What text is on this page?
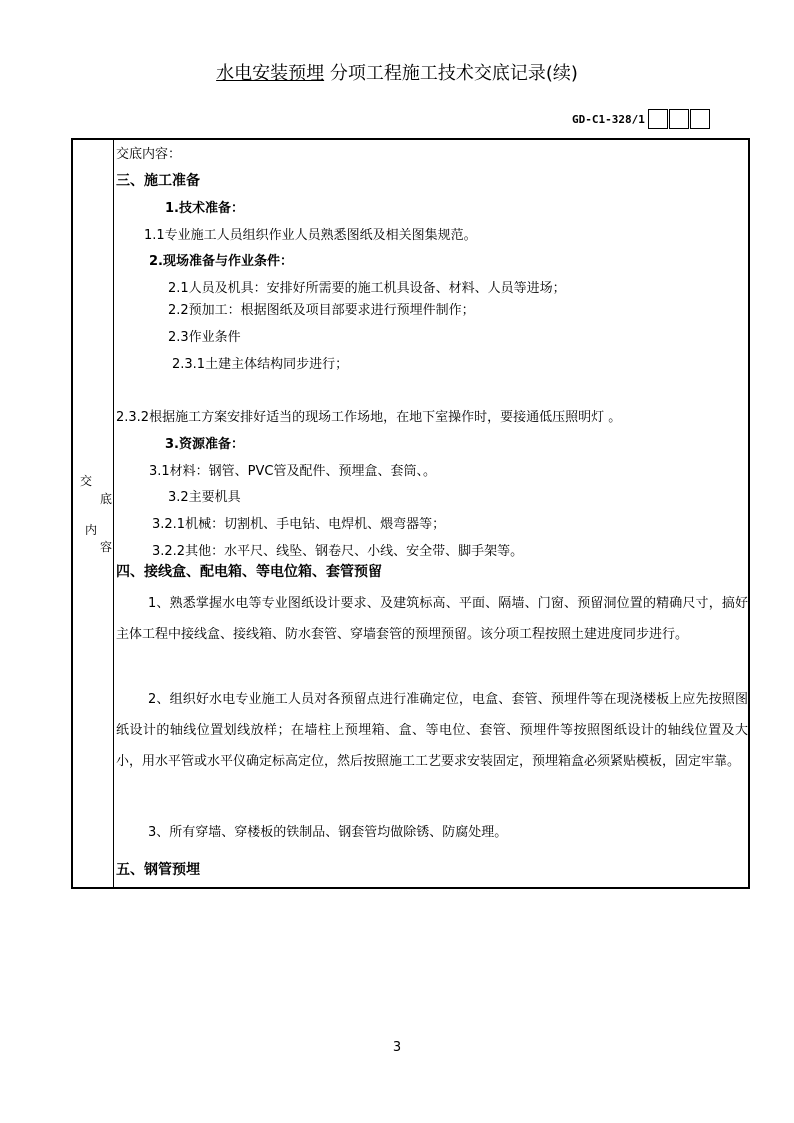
水电安装预埋 分项工程施工技术交底记录(续)
GD-C1-328/1
交
底
内
容
交底内容：
三、施工准备
1.技术准备：
1.1专业施工人员组织作业人员熟悉图纸及相关图集规范。
2.现场准备与作业条件：
2.1人员及机具：安排好所需要的施工机具设备、材料、人员等进场；
2.2预加工：根据图纸及项目部要求进行预埋件制作；
2.3作业条件
2.3.1土建主体结构同步进行；
2.3.2根据施工方案安排好适当的现场工作场地，在地下室操作时，要接通低压照明灯 。
3.资源准备：
3.1材料：钢管、PVC管及配件、预埋盒、套筒、。
3.2主要机具
3.2.1机械：切割机、手电钻、电焊机、煨弯器等；
3.2.2其他：水平尺、线坠、钢卷尺、小线、安全带、脚手架等。
四、接线盒、配电箱、等电位箱、套管预留
1、熟悉掌握水电等专业图纸设计要求、及建筑标高、平面、隔墙、门窗、预留洞位置的精确尺寸，搞好主体工程中接线盒、接线箱、防水套管、穿墙套管的预埋预留。该分项工程按照土建进度同步进行。
2、组织好水电专业施工人员对各预留点进行准确定位，电盒、套管、预埋件等在现浇楼板上应先按照图纸设计的轴线位置划线放样；在墙柱上预埋箱、盒、等电位、套管、预埋件等按照图纸设计的轴线位置及大小，用水平管或水平仪确定标高定位，然后按照施工工艺要求安装固定，预埋箱盒必须紧贴模板，固定牢靠。
3、所有穿墙、穿楼板的铁制品、钢套管均做除锈、防腐处理。
五、钢管预埋
3
